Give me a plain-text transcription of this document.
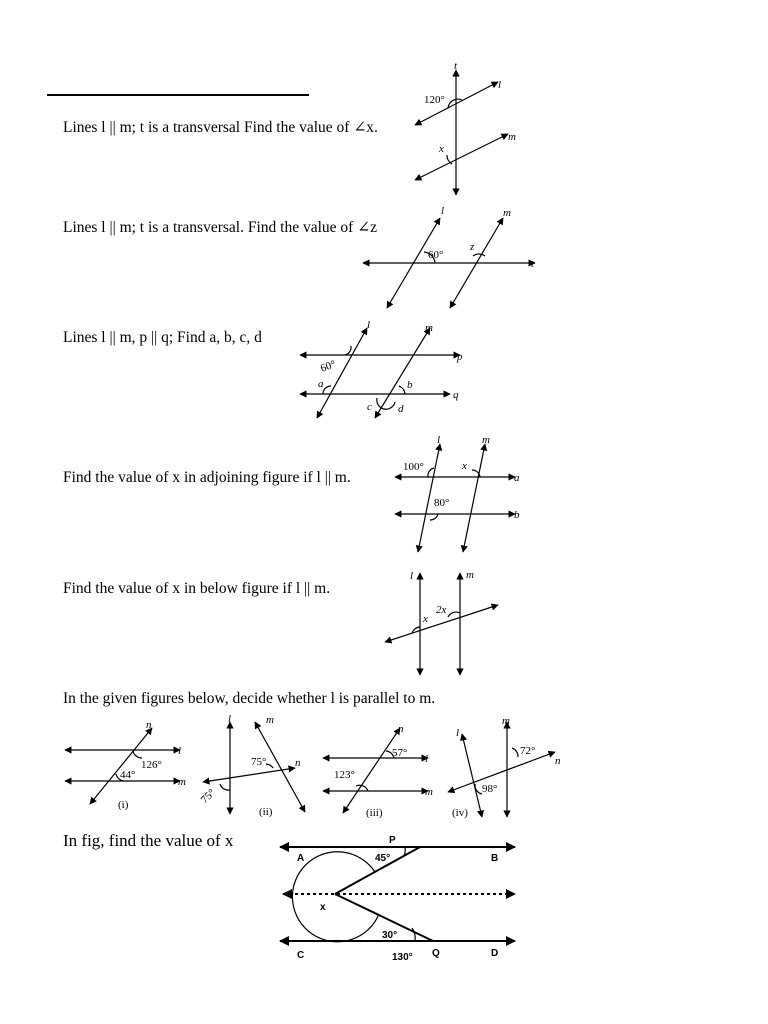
Lines l || m; t is a transversal Find the value of ∠x.
Lines l || m; t is a transversal. Find the value of ∠z
Lines l || m, p || q; Find a, b, c, d
Find the value of x in adjoining figure if l || m.
Find the value of x in below figure if l || m.
In the given figures below, decide whether l is parallel to m.
In fig, find the value of x
t
l
m
x
120°
l	m
t
z
60°
l	m
p
q
a	b
c d
60°
l	m
a
b
x
100°
80°
l	m
x
2x
n
l
m
126°
44°
(i)
l	m
n
75°
75°
(ii)
n
l
m
57°
123°
(iii)
l
m
n
72°
98°
(iv)
P
A	B
C	Q	D
x
45°
30°
130°
